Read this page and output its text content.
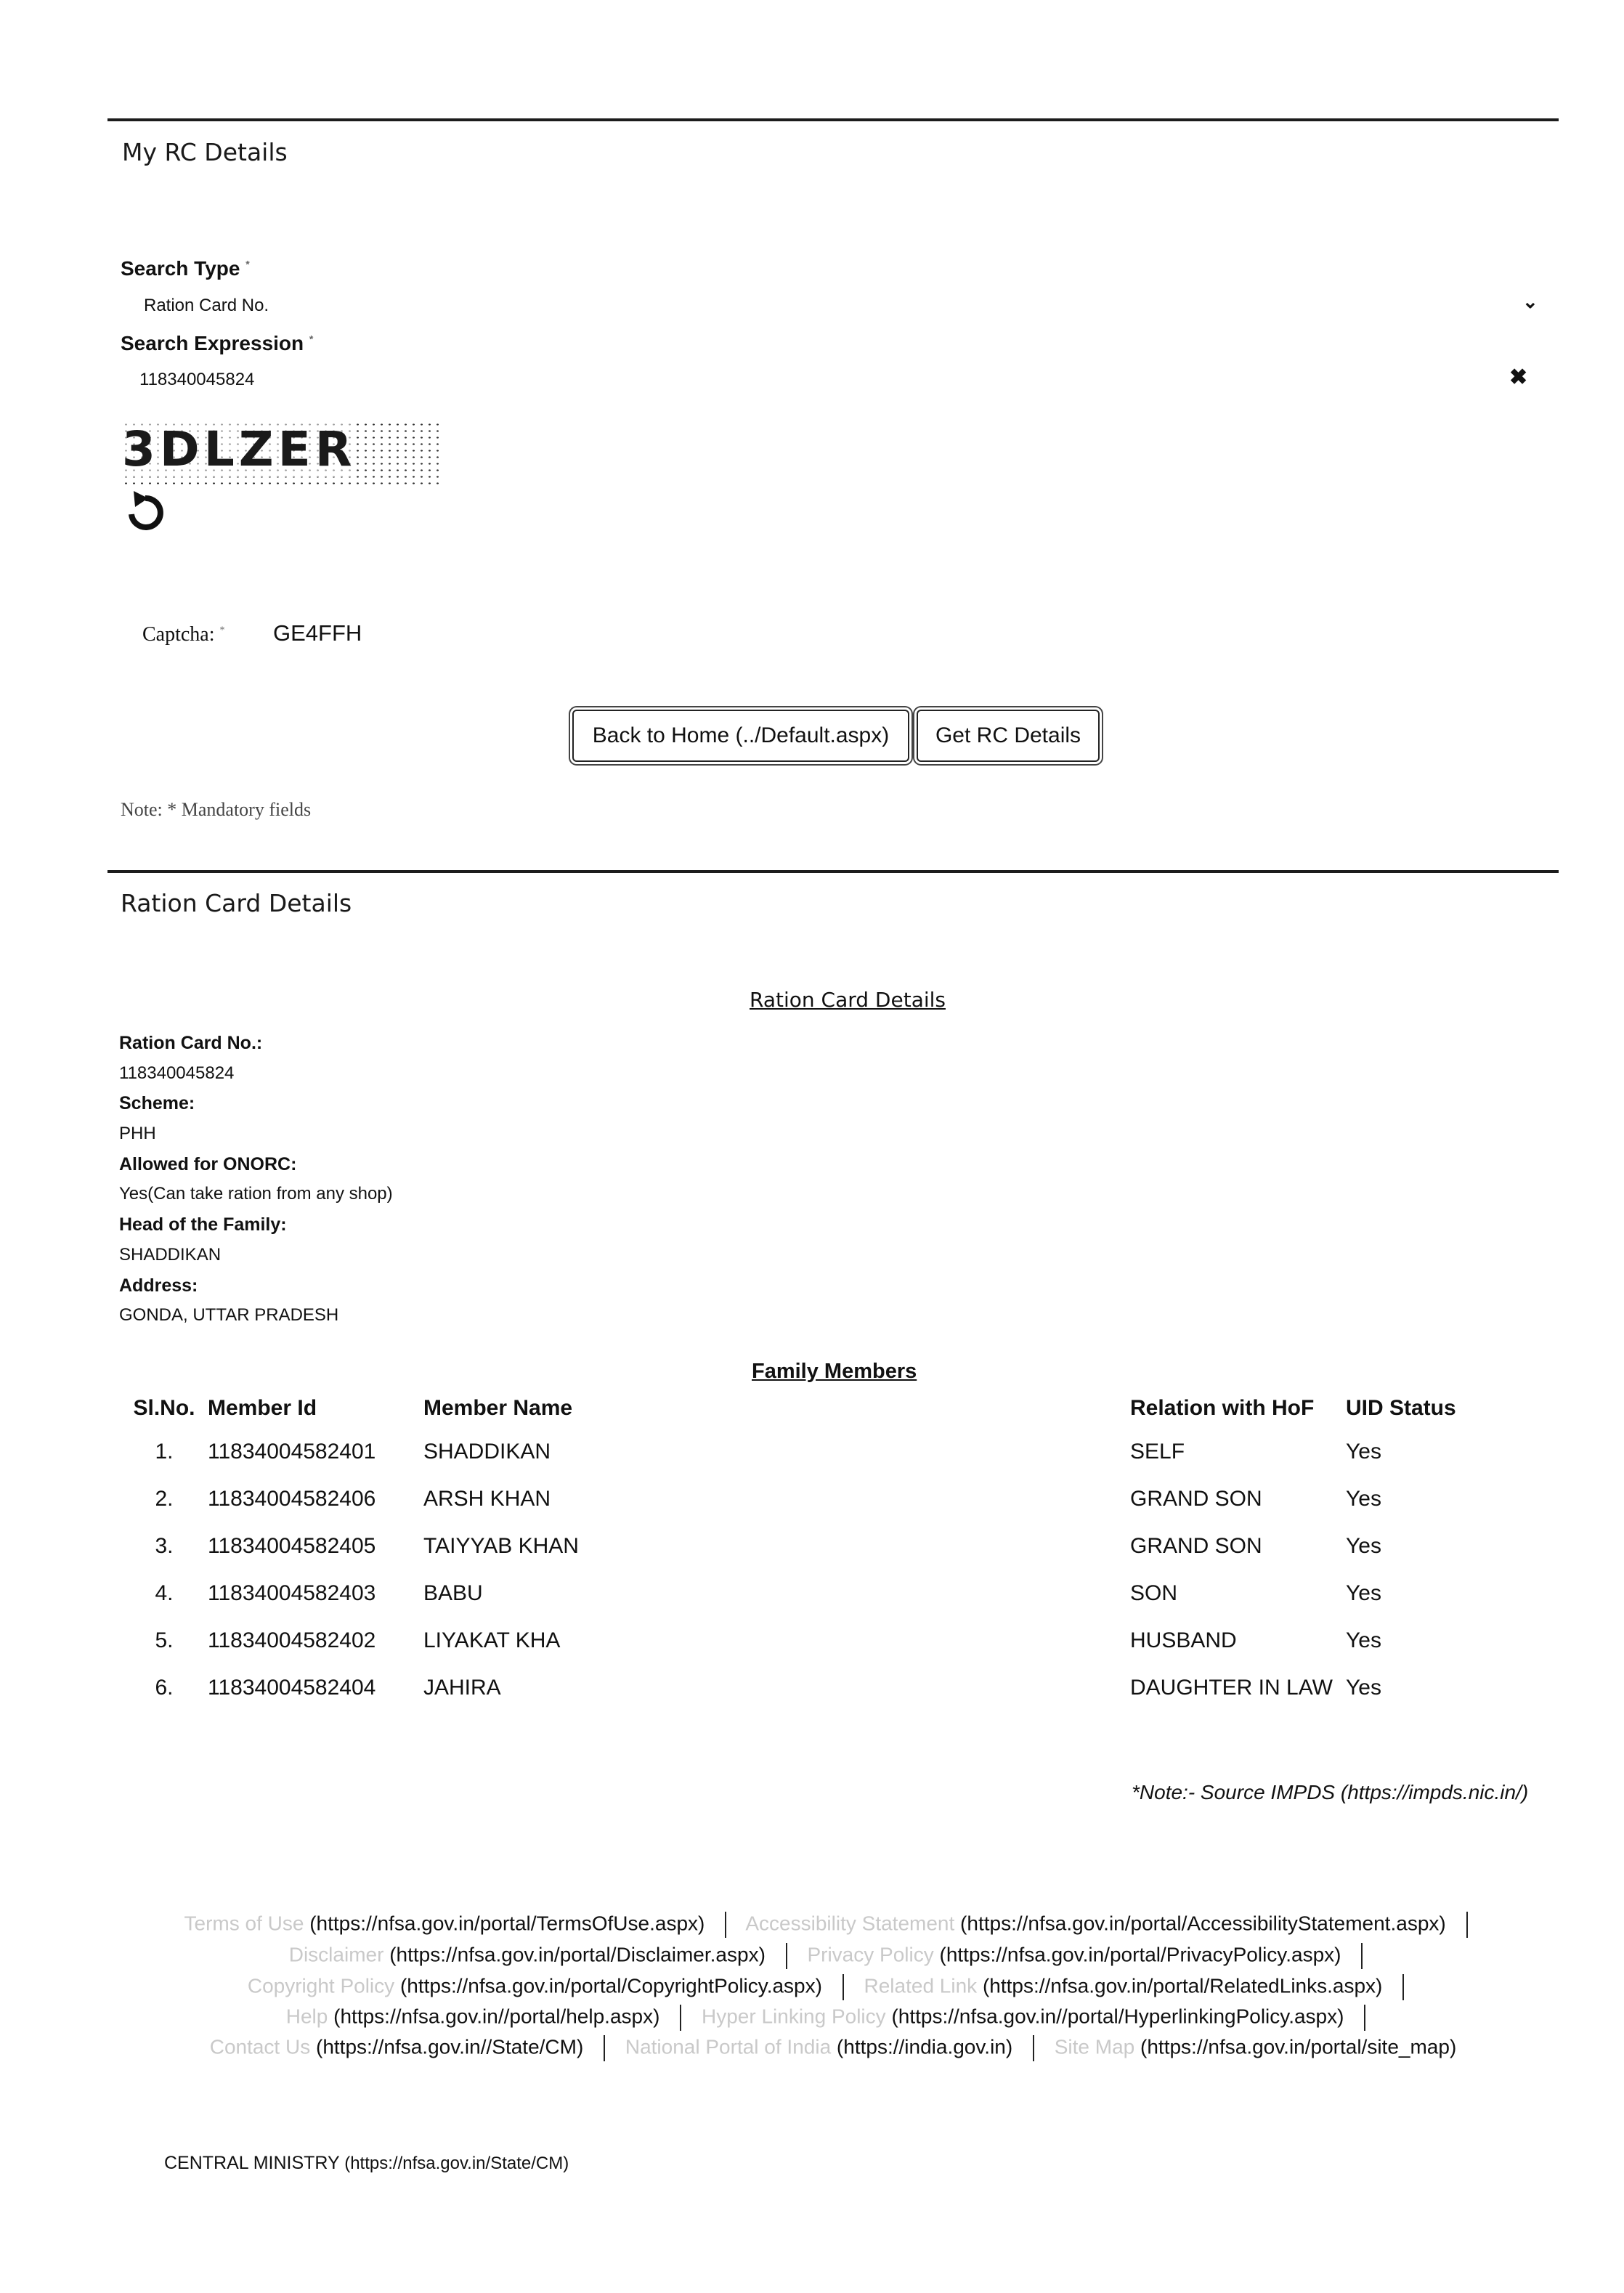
My RC Details
Search Type *
Ration Card No.	⌄
Search Expression *
118340045824	✖
3DLZER
Captcha: * GE4FFH
Back to Home (../Default.aspx)	Get RC Details
Note: * Mandatory fields
Ration Card Details
Ration Card Details
Ration Card No.:
118340045824
Scheme:
PHH
Allowed for ONORC:
Yes(Can take ration from any shop)
Head of the Family:
SHADDIKAN
Address:
GONDA, UTTAR PRADESH
Family Members
Sl.No.	Member Id	Member Name	Relation with HoF	UID Status
1.	11834004582401	SHADDIKAN	SELF	Yes
2.	11834004582406	ARSH KHAN	GRAND SON	Yes
3.	11834004582405	TAIYYAB KHAN	GRAND SON	Yes
4.	11834004582403	BABU	SON	Yes
5.	11834004582402	LIYAKAT KHA	HUSBAND	Yes
6.	11834004582404	JAHIRA	DAUGHTER IN LAW	Yes
*Note:- Source IMPDS (https://impds.nic.in/)
Terms of Use (https://nfsa.gov.in/portal/TermsOfUse.aspx) Accessibility Statement (https://nfsa.gov.in/portal/AccessibilityStatement.aspx)
Disclaimer (https://nfsa.gov.in/portal/Disclaimer.aspx) Privacy Policy (https://nfsa.gov.in/portal/PrivacyPolicy.aspx)
Copyright Policy (https://nfsa.gov.in/portal/CopyrightPolicy.aspx) Related Link (https://nfsa.gov.in/portal/RelatedLinks.aspx)
Help (https://nfsa.gov.in//portal/help.aspx) Hyper Linking Policy (https://nfsa.gov.in//portal/HyperlinkingPolicy.aspx)
Contact Us (https://nfsa.gov.in//State/CM) National Portal of India (https://india.gov.in) Site Map (https://nfsa.gov.in/portal/site_map)
CENTRAL MINISTRY (https://nfsa.gov.in/State/CM)
